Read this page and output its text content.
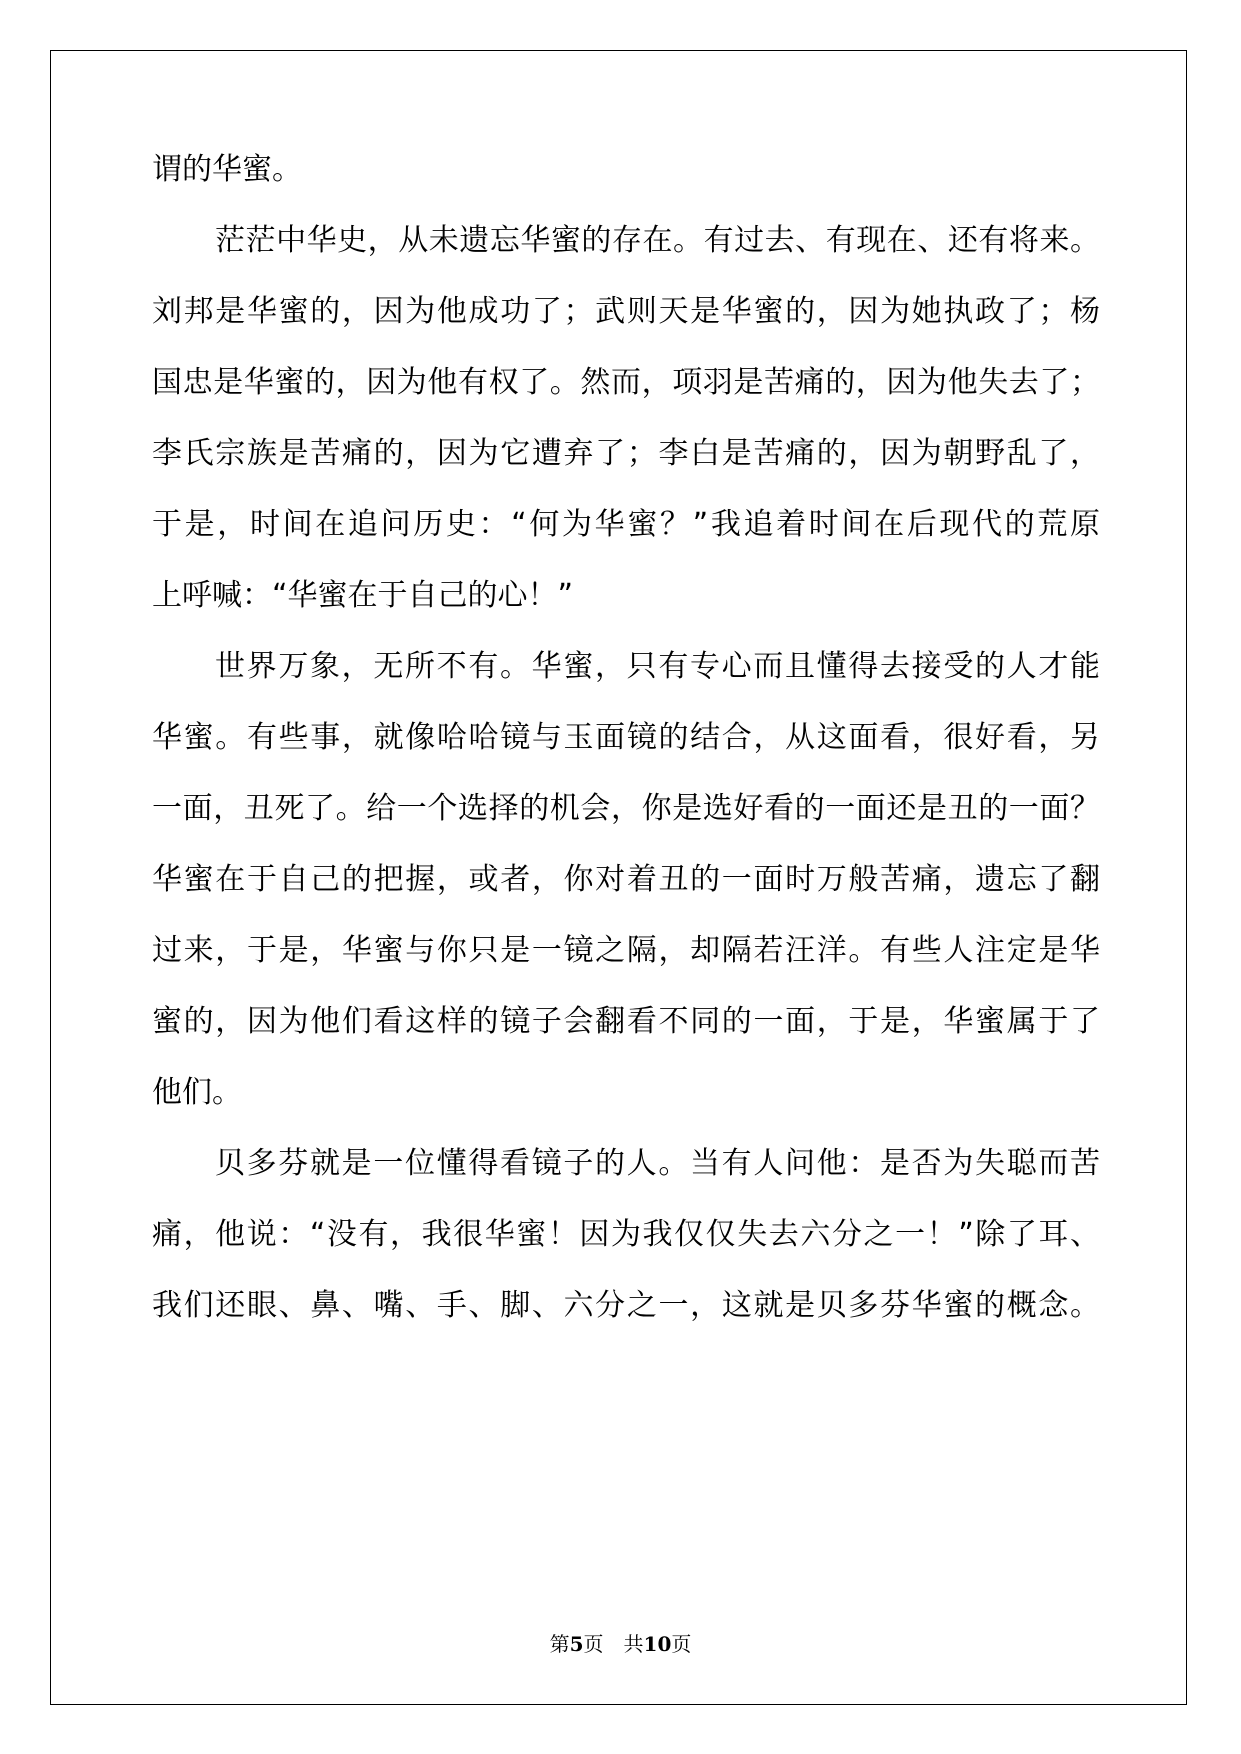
谓的华蜜。
茫茫中华史，从未遗忘华蜜的存在。有过去、有现在、还有将来。
刘邦是华蜜的，因为他成功了；武则天是华蜜的，因为她执政了；杨
国忠是华蜜的，因为他有权了。然而，项羽是苦痛的，因为他失去了；
李氏宗族是苦痛的，因为它遭弃了；李白是苦痛的，因为朝野乱了，
于是，时间在追问历史：“何为华蜜？”我追着时间在后现代的荒原
上呼喊：“华蜜在于自己的心！”
世界万象，无所不有。华蜜，只有专心而且懂得去接受的人才能
华蜜。有些事，就像哈哈镜与玉面镜的结合，从这面看，很好看，另
一面，丑死了。给一个选择的机会，你是选好看的一面还是丑的一面？
华蜜在于自己的把握，或者，你对着丑的一面时万般苦痛，遗忘了翻
过来，于是，华蜜与你只是一镜之隔，却隔若汪洋。有些人注定是华
蜜的，因为他们看这样的镜子会翻看不同的一面，于是，华蜜属于了
他们。
贝多芬就是一位懂得看镜子的人。当有人问他：是否为失聪而苦
痛，他说：“没有，我很华蜜！因为我仅仅失去六分之一！”除了耳、
我们还眼、鼻、嘴、手、脚、六分之一，这就是贝多芬华蜜的概念。
第5页　共10页
